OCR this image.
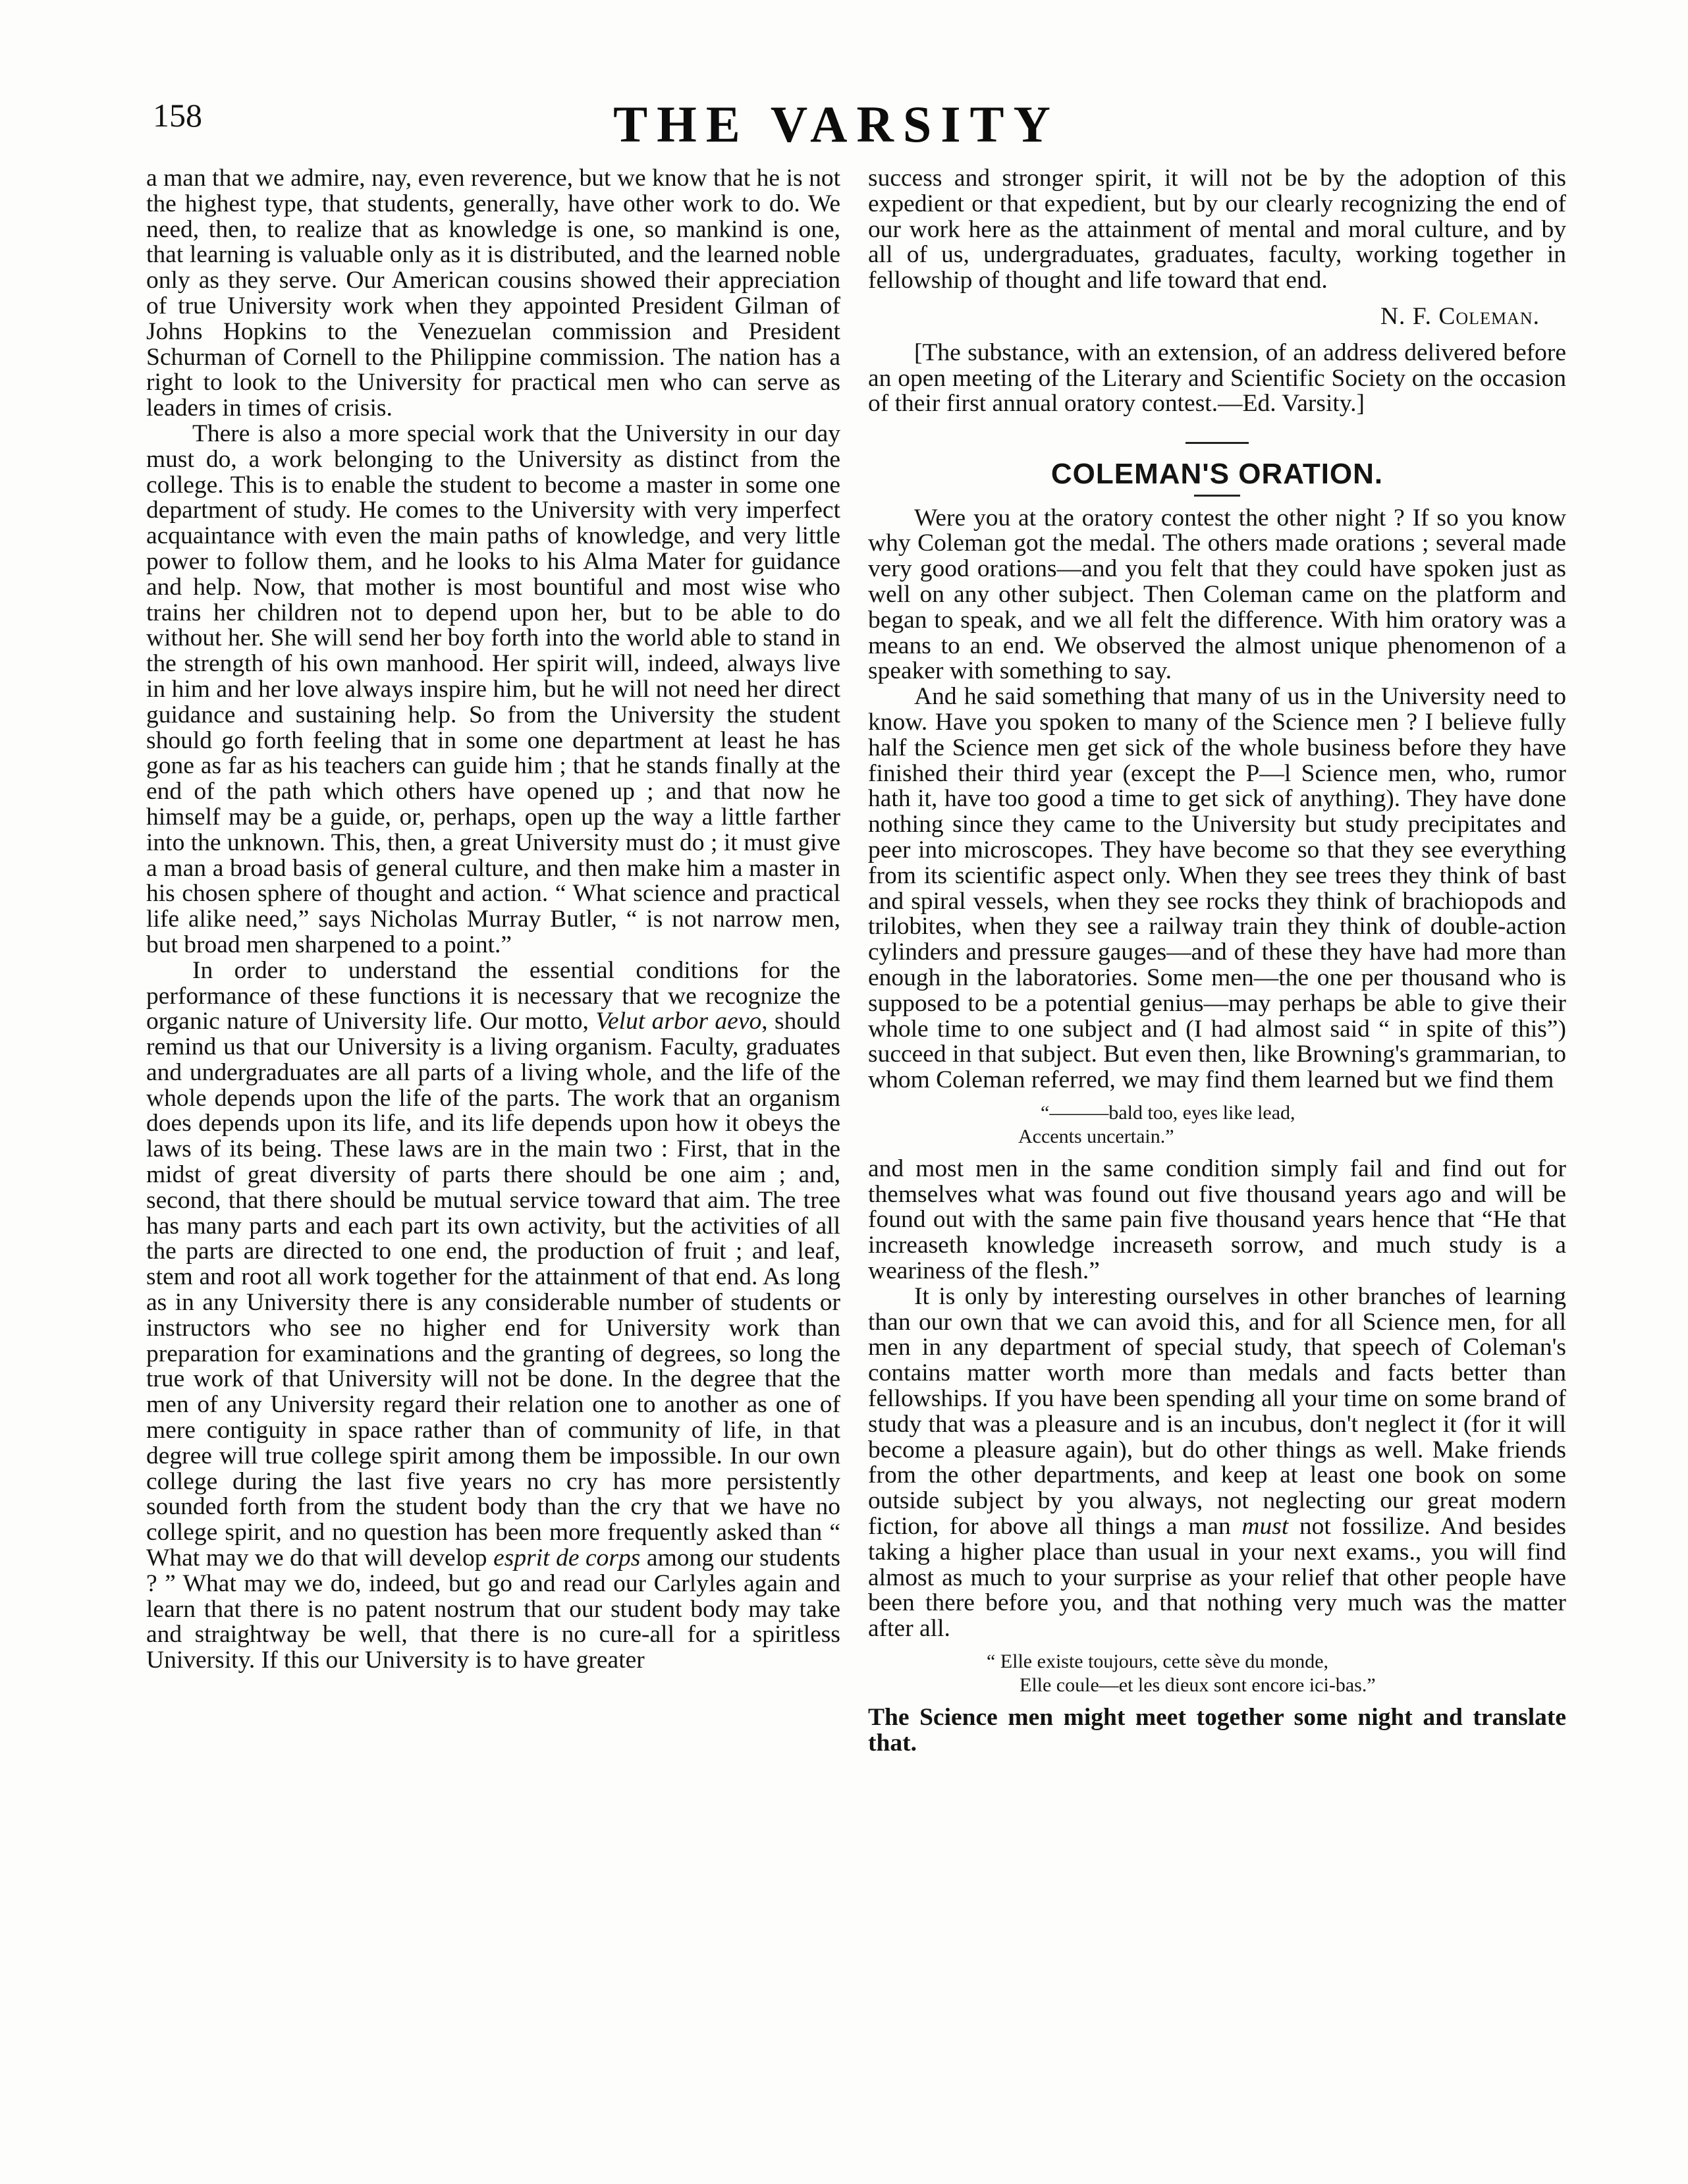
158	THE VARSITY

a man that we admire, nay, even reverence, but we know that he is not the highest type, that students, generally, have other work to do. We need, then, to realize that as knowledge is one, so mankind is one, that learning is valuable only as it is distributed, and the learned noble only as they serve. Our American cousins showed their appreciation of true University work when they appointed President Gilman of Johns Hopkins to the Venezuelan commission and President Schurman of Cornell to the Philippine commission. The nation has a right to look to the University for practical men who can serve as leaders in times of crisis.

There is also a more special work that the University in our day must do, a work belonging to the University as distinct from the college. This is to enable the student to become a master in some one department of study. He comes to the University with very imperfect acquaintance with even the main paths of knowledge, and very little power to follow them, and he looks to his Alma Mater for guidance and help. Now, that mother is most bountiful and most wise who trains her children not to depend upon her, but to be able to do without her. She will send her boy forth into the world able to stand in the strength of his own manhood. Her spirit will, indeed, always live in him and her love always inspire him, but he will not need her direct guidance and sustaining help. So from the University the student should go forth feeling that in some one department at least he has gone as far as his teachers can guide him ; that he stands finally at the end of the path which others have opened up ; and that now he himself may be a guide, or, perhaps, open up the way a little farther into the unknown. This, then, a great University must do ; it must give a man a broad basis of general culture, and then make him a master in his chosen sphere of thought and action. “ What science and practical life alike need,” says Nicholas Murray Butler, “ is not narrow men, but broad men sharpened to a point.”

In order to understand the essential conditions for the performance of these functions it is necessary that we recognize the organic nature of University life. Our motto, Velut arbor aevo, should remind us that our University is a living organism. Faculty, graduates and undergraduates are all parts of a living whole, and the life of the whole depends upon the life of the parts. The work that an organism does depends upon its life, and its life depends upon how it obeys the laws of its being. These laws are in the main two : First, that in the midst of great diversity of parts there should be one aim ; and, second, that there should be mutual service toward that aim. The tree has many parts and each part its own activity, but the activities of all the parts are directed to one end, the production of fruit ; and leaf, stem and root all work together for the attainment of that end. As long as in any University there is any considerable number of students or instructors who see no higher end for University work than preparation for examinations and the granting of degrees, so long the true work of that University will not be done. In the degree that the men of any University regard their relation one to another as one of mere contiguity in space rather than of community of life, in that degree will true college spirit among them be impossible. In our own college during the last five years no cry has more persistently sounded forth from the student body than the cry that we have no college spirit, and no question has been more frequently asked than “ What may we do that will develop esprit de corps among our students ? ” What may we do, indeed, but go and read our Carlyles again and learn that there is no patent nostrum that our student body may take and straightway be well, that there is no cure-all for a spiritless University. If this our University is to have greater

success and stronger spirit, it will not be by the adoption of this expedient or that expedient, but by our clearly recognizing the end of our work here as the attainment of mental and moral culture, and by all of us, undergraduates, graduates, faculty, working together in fellowship of thought and life toward that end.

N. F. Coleman.

[The substance, with an extension, of an address delivered before an open meeting of the Literary and Scientific Society on the occasion of their first annual oratory contest.—Ed. Varsity.]

COLEMAN'S ORATION.

Were you at the oratory contest the other night ? If so you know why Coleman got the medal. The others made orations ; several made very good orations—and you felt that they could have spoken just as well on any other subject. Then Coleman came on the platform and began to speak, and we all felt the difference. With him oratory was a means to an end. We observed the almost unique phenomenon of a speaker with something to say.

And he said something that many of us in the University need to know. Have you spoken to many of the Science men ? I believe fully half the Science men get sick of the whole business before they have finished their third year (except the P—l Science men, who, rumor hath it, have too good a time to get sick of anything). They have done nothing since they came to the University but study precipitates and peer into microscopes. They have become so that they see everything from its scientific aspect only. When they see trees they think of bast and spiral vessels, when they see rocks they think of brachiopods and trilobites, when they see a railway train they think of double-action cylinders and pressure gauges—and of these they have had more than enough in the laboratories. Some men—the one per thousand who is supposed to be a potential genius—may perhaps be able to give their whole time to one subject and (I had almost said “ in spite of this”) succeed in that subject. But even then, like Browning's grammarian, to whom Coleman referred, we may find them learned but we find them

“———bald too, eyes like lead,
Accents uncertain.”

and most men in the same condition simply fail and find out for themselves what was found out five thousand years ago and will be found out with the same pain five thousand years hence that “He that increaseth knowledge increaseth sorrow, and much study is a weariness of the flesh.”

It is only by interesting ourselves in other branches of learning than our own that we can avoid this, and for all Science men, for all men in any department of special study, that speech of Coleman's contains matter worth more than medals and facts better than fellowships. If you have been spending all your time on some brand of study that was a pleasure and is an incubus, don't neglect it (for it will become a pleasure again), but do other things as well. Make friends from the other departments, and keep at least one book on some outside subject by you always, not neglecting our great modern fiction, for above all things a man must not fossilize. And besides taking a higher place than usual in your next exams., you will find almost as much to your surprise as your relief that other people have been there before you, and that nothing very much was the matter after all.

“ Elle existe toujours, cette sève du monde,
Elle coule—et les dieux sont encore ici-bas.”

The Science men might meet together some night and translate that.
